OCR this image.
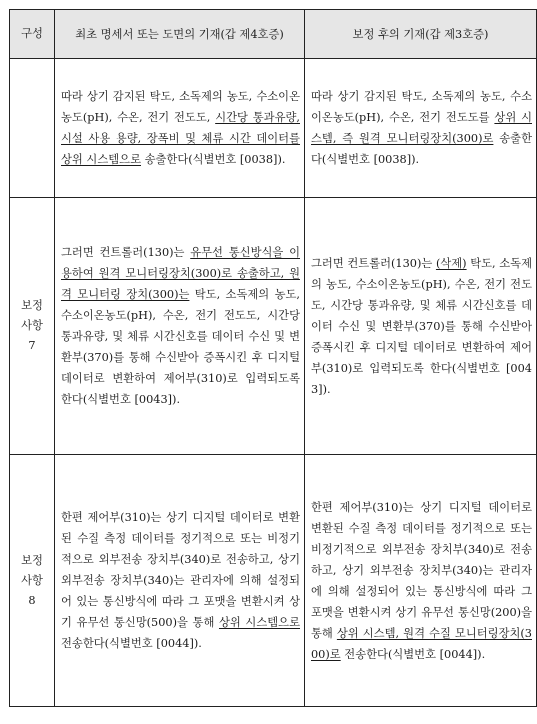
구성	최초 명세서 또는 도면의 기재(갑 제4호증)	보정 후의 기재(갑 제3호증)

	따라 상기 감지된 탁도, 소독제의 농도, 수소이온농도(pH), 수온, 전기 전도도, 시간당 통과유량, 시설 사용 용량, 장폭비 및 체류 시간 데이터를 상위 시스템으로 송출한다(식별번호 [0038]).	따라 상기 감지된 탁도, 소독제의 농도, 수소이온농도(pH), 수온, 전기 전도도를 상위 시스템, 즉 원격 모니터링장치(300)로 송출한다(식별번호 [0038]).

보정 사항 7	그러면 컨트롤러(130)는 유무선 통신방식을 이용하여 원격 모니터링장치(300)로 송출하고, 원격 모니터링 장치(300)는 탁도, 소독제의 농도, 수소이온농도(pH), 수온, 전기 전도도, 시간당 통과유량, 및 체류 시간신호를 데이터 수신 및 변환부(370)를 통해 수신받아 증폭시킨 후 디지털 데이터로 변환하여 제어부(310)로 입력되도록 한다(식별번호 [0043]).	그러면 컨트롤러(130)는 (삭제) 탁도, 소독제의 농도, 수소이온농도(pH), 수온, 전기 전도도, 시간당 통과유량, 및 체류 시간신호를 데이터 수신 및 변환부(370)를 통해 수신받아 증폭시킨 후 디지털 데이터로 변환하여 제어부(310)로 입력되도록 한다(식별번호 [0043]).

보정 사항 8	한편 제어부(310)는 상기 디지털 데이터로 변환된 수질 측정 데이터를 정기적으로 또는 비정기적으로 외부전송 장치부(340)로 전송하고, 상기 외부전송 장치부(340)는 관리자에 의해 설정되어 있는 통신방식에 따라 그 포맷을 변환시켜 상기 유무선 통신망(500)을 통해 상위 시스템으로 전송한다(식별번호 [0044]).	한편 제어부(310)는 상기 디지털 데이터로 변환된 수질 측정 데이터를 정기적으로 또는 비정기적으로 외부전송 장치부(340)로 전송하고, 상기 외부전송 장치부(340)는 관리자에 의해 설정되어 있는 통신방식에 따라 그 포맷을 변환시켜 상기 유무선 통신망(200)을 통해 상위 시스템, 원격 수질 모니터링장치(300)로 전송한다(식별번호 [0044]).
